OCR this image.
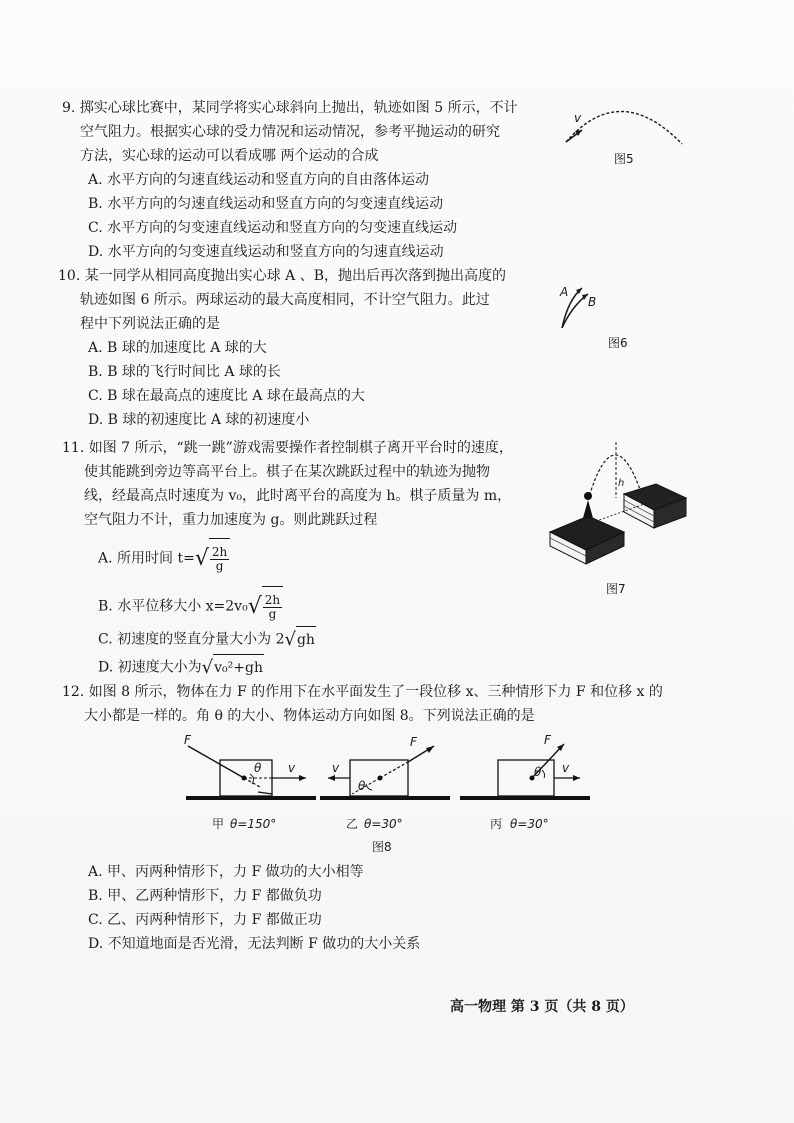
9. 掷实心球比赛中，某同学将实心球斜向上抛出，轨迹如图 5 所示，不计

空气阻力。根据实心球的受力情况和运动情况，参考平抛运动的研究

方法，实心球的运动可以看成哪 两个运动的合成

A. 水平方向的匀速直线运动和竖直方向的自由落体运动

B. 水平方向的匀速直线运动和竖直方向的匀变速直线运动

C. 水平方向的匀变速直线运动和竖直方向的匀变速直线运动

D. 水平方向的匀变速直线运动和竖直方向的匀速直线运动

v
图5

10. 某一同学从相同高度抛出实心球 A 、B，抛出后再次落到抛出高度的

轨迹如图 6 所示。两球运动的最大高度相同，不计空气阻力。此过

程中下列说法正确的是

A. B 球的加速度比 A 球的大

B. B 球的飞行时间比 A 球的长

C. B 球在最高点的速度比 A 球在最高点的大

D. B 球的初速度比 A 球的初速度小

A
B
图6

11. 如图 7 所示，“跳一跳”游戏需要操作者控制棋子离开平台时的速度，

使其能跳到旁边等高平台上。棋子在某次跳跃过程中的轨迹为抛物

线，经最高点时速度为 v₀，此时离平台的高度为 h。棋子质量为 m，

空气阻力不计，重力加速度为 g。则此跳跃过程

A. 所用时间 $t=√ \frac{2h}{g}$
B. 水平位移大小 $x=2v_0√ \frac{2h}{g}$
C. 初速度的竖直分量大小为 2√gh
D. 初速度大小为√v₀²+gh
h
图7

12. 如图 8 所示，物体在力 F 的作用下在水平面发生了一段位移 x、三种情形下力 F 和位移 x 的

大小都是一样的。角 θ 的大小、物体运动方向如图 8。下列说法正确的是

F
θ v
F
v
θ
F
θ v
甲 θ=150°	乙 θ=30°	丙 θ=30°
图8

A. 甲、丙两种情形下，力 F 做功的大小相等

B. 甲、乙两种情形下，力 F 都做负功

C. 乙、丙两种情形下，力 F 都做正功

D. 不知道地面是否光滑，无法判断 F 做功的大小关系

高一物理 第 3 页（共 8 页）
